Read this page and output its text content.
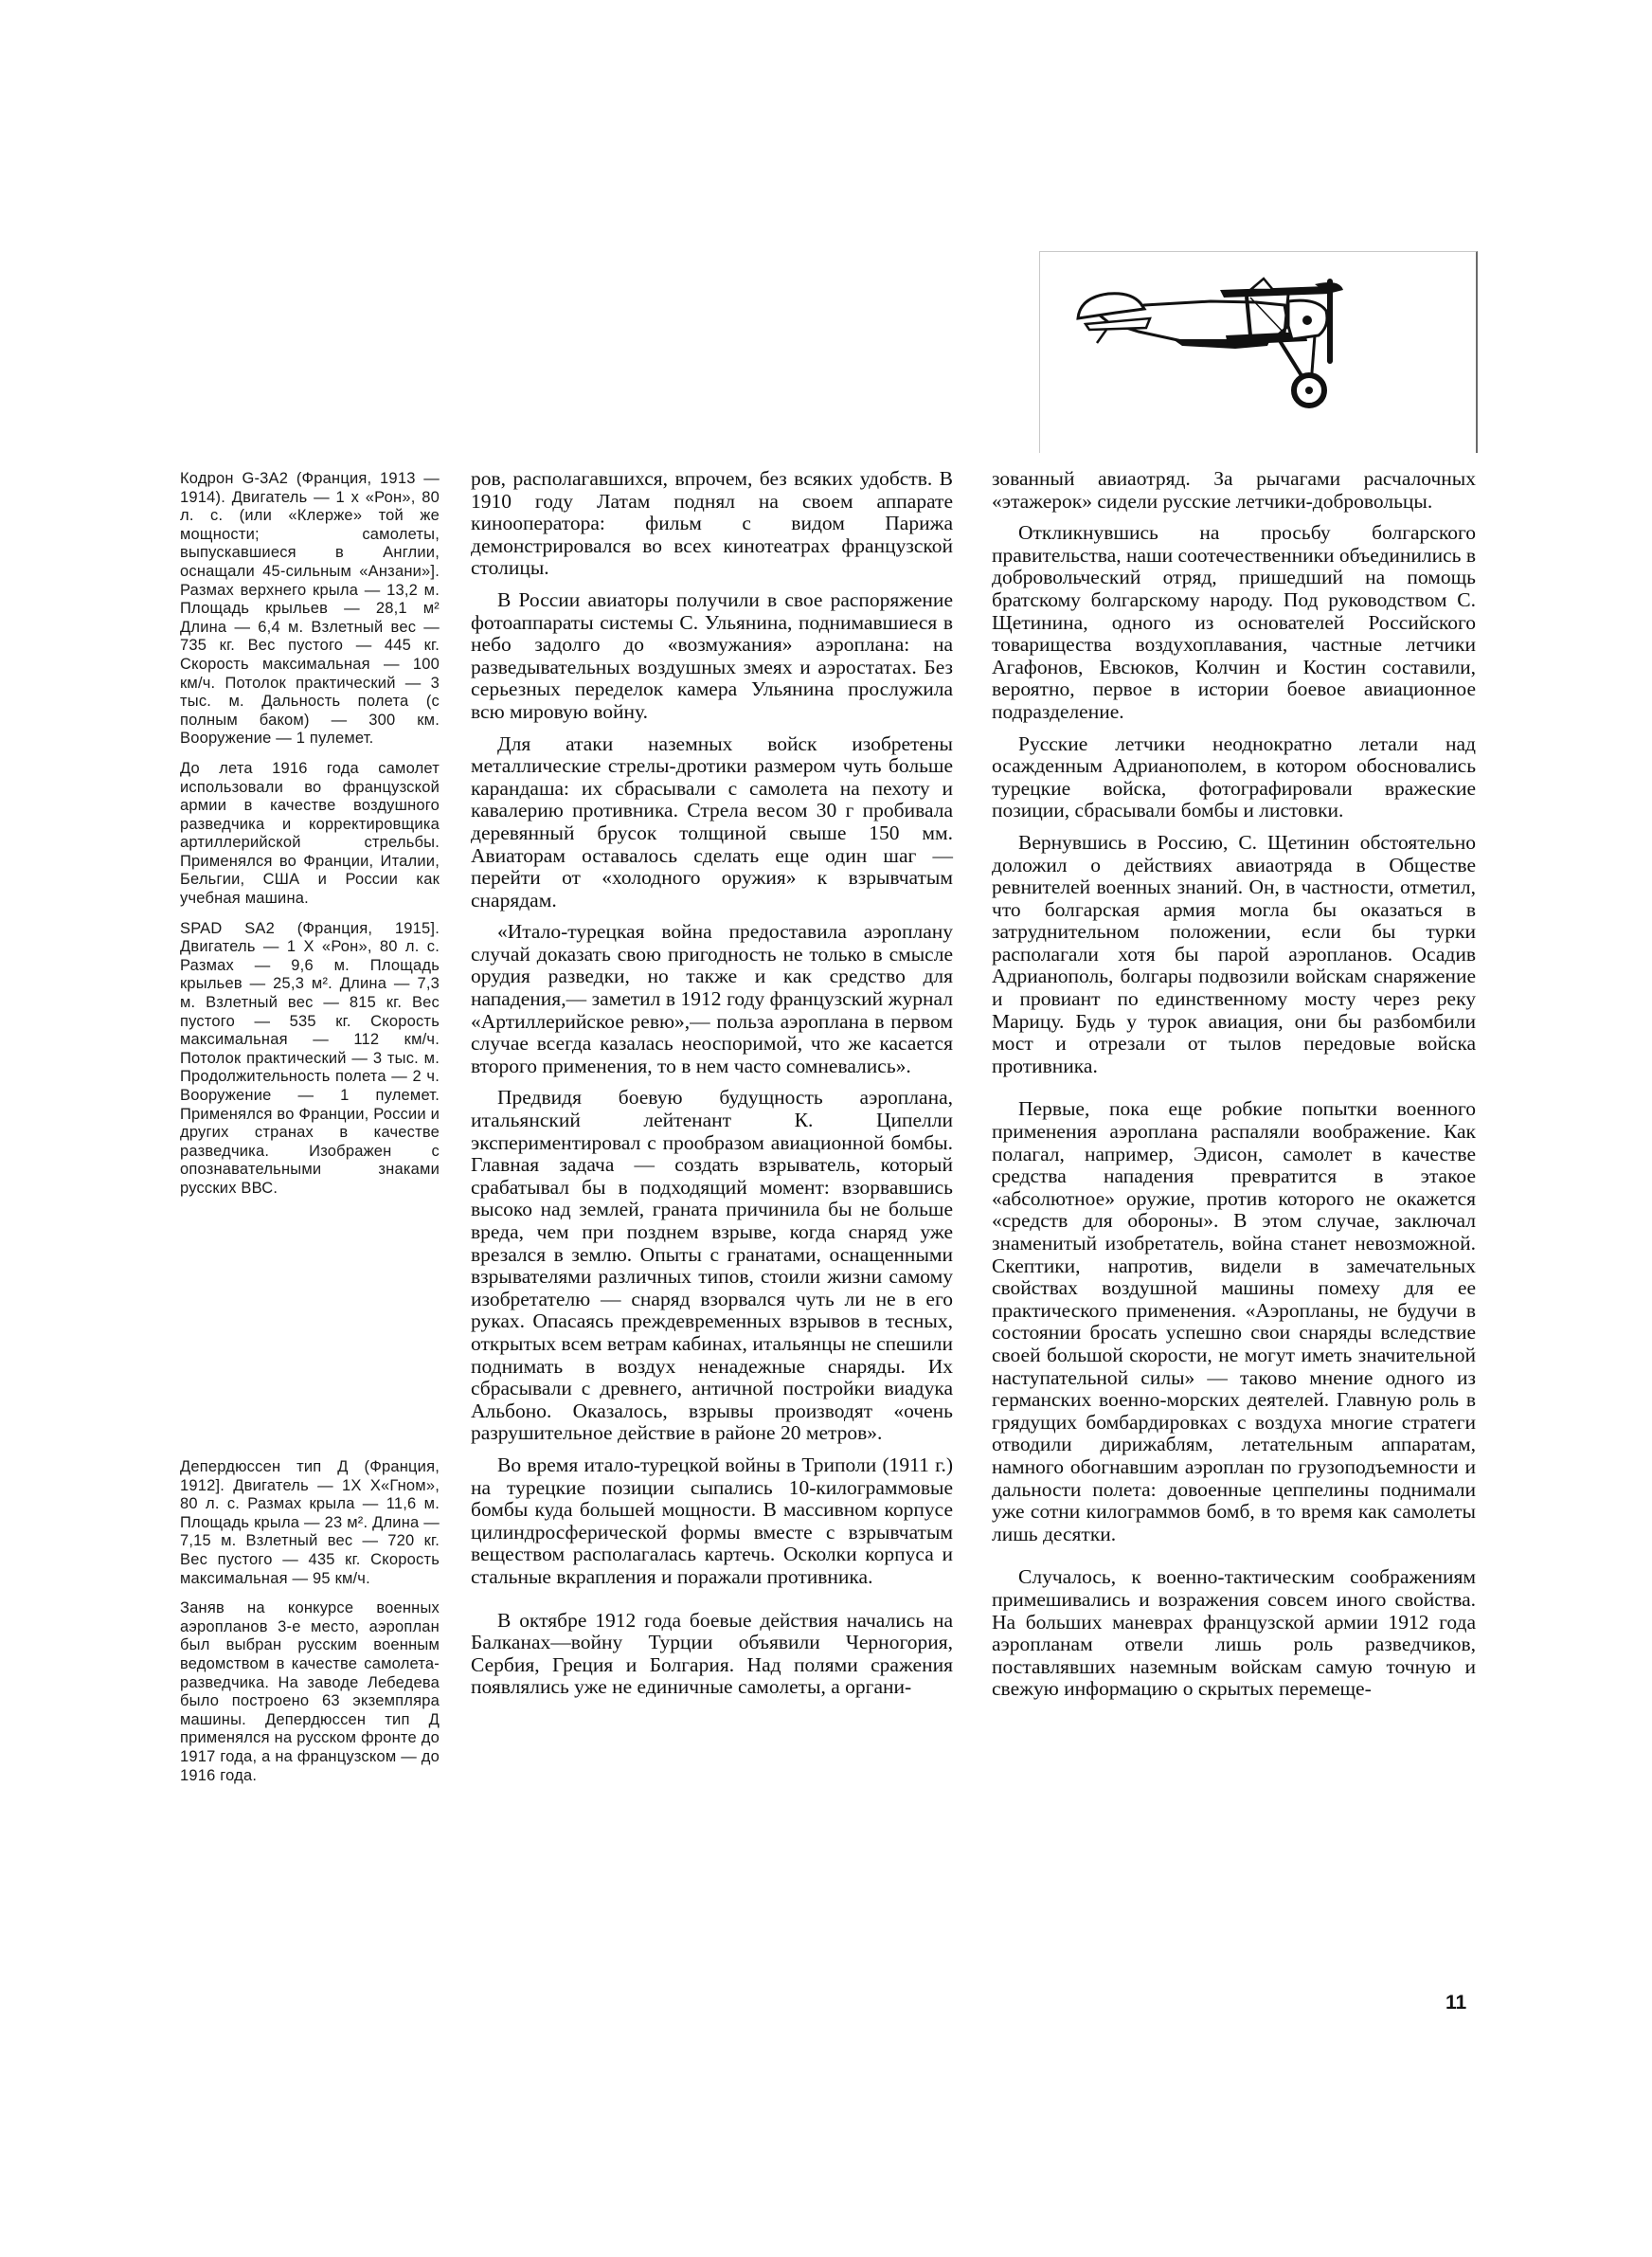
Кодрон G-3А2 (Франция, 1913 — 1914). Двигатель — 1 х «Рон», 80 л. с. (или «Клерже» той же мощности; самолеты, выпускавшиеся в Англии, оснащали 45-сильным «Анзани»]. Размах верхнего крыла — 13,2 м. Площадь крыльев — 28,1 м² Длина — 6,4 м. Взлетный вес — 735 кг. Вес пустого — 445 кг. Скорость максимальная — 100 км/ч. Потолок практический — 3 тыс. м. Дальность полета (с полным баком) — 300 км. Вооружение — 1 пулемет.

До лета 1916 года самолет использовали во французской армии в качестве воздушного разведчика и корректировщика артиллерийской стрельбы. Применялся во Франции, Италии, Бельгии, США и России как учебная машина.

SPAD SA2 (Франция, 1915]. Двигатель — 1 Х «Рон», 80 л. с. Размах — 9,6 м. Площадь крыльев — 25,3 м². Длина — 7,3 м. Взлетный вес — 815 кг. Вес пустого — 535 кг. Скорость максимальная — 112 км/ч. Потолок практический — 3 тыс. м. Продолжительность полета — 2 ч. Вооружение — 1 пулемет. Применялся во Франции, России и других странах в качестве разведчика. Изображен с опознавательными знаками русских ВВС.

Депердюссен тип Д (Франция, 1912]. Двигатель — 1Х Х«Гном», 80 л. с. Размах крыла — 11,6 м. Площадь крыла — 23 м². Длина — 7,15 м. Взлетный вес — 720 кг. Вес пустого — 435 кг. Скорость максимальная — 95 км/ч.

Заняв на конкурсе военных аэропланов 3-е место, аэроплан был выбран русским военным ведомством в качестве самолета-разведчика. На заводе Лебедева было построено 63 экземпляра машины. Депердюссен тип Д применялся на русском фронте до 1917 года, а на французском — до 1916 года.

ров, располагавшихся, впрочем, без всяких удобств. В 1910 году Латам поднял на своем аппарате кинооператора: фильм с видом Парижа демонстрировался во всех кинотеатрах французской столицы.

В России авиаторы получили в свое распоряжение фотоаппараты системы С. Ульянина, поднимавшиеся в небо задолго до «возмужания» аэроплана: на разведывательных воздушных змеях и аэростатах. Без серьезных переделок камера Ульянина прослужила всю мировую войну.

Для атаки наземных войск изобретены металлические стрелы-дротики размером чуть больше карандаша: их сбрасывали с самолета на пехоту и кавалерию противника. Стрела весом 30 г пробивала деревянный брусок толщиной свыше 150 мм. Авиаторам оставалось сделать еще один шаг — перейти от «холодного оружия» к взрывчатым снарядам.

«Итало-турецкая война предоставила аэроплану случай доказать свою пригодность не только в смысле орудия разведки, но также и как средство для нападения,— заметил в 1912 году французский журнал «Артиллерийское ревю»,— польза аэроплана в первом случае всегда казалась неоспоримой, что же касается второго применения, то в нем часто сомневались».

Предвидя боевую будущность аэроплана, итальянский лейтенант К. Ципелли экспериментировал с прообразом авиационной бомбы. Главная задача — создать взрыватель, который срабатывал бы в подходящий момент: взорвавшись высоко над землей, граната причинила бы не больше вреда, чем при позднем взрыве, когда снаряд уже врезался в землю. Опыты с гранатами, оснащенными взрывателями различных типов, стоили жизни самому изобретателю — снаряд взорвался чуть ли не в его руках. Опасаясь преждевременных взрывов в тесных, открытых всем ветрам кабинах, итальянцы не спешили поднимать в воздух ненадежные снаряды. Их сбрасывали с древнего, античной постройки виадука Альбоно. Оказалось, взрывы производят «очень разрушительное действие в районе 20 метров».

Во время итало-турецкой войны в Триполи (1911 г.) на турецкие позиции сыпались 10-килограммовые бомбы куда большей мощности. В массивном корпусе цилиндросферической формы вместе с взрывчатым веществом располагалась картечь. Осколки корпуса и стальные вкрапления и поражали противника.

В октябре 1912 года боевые действия начались на Балканах—войну Турции объявили Черногория, Сербия, Греция и Болгария. Над полями сражения появлялись уже не единичные самолеты, а органи-

зованный авиаотряд. За рычагами расчалочных «этажерок» сидели русские летчики-добровольцы.

Откликнувшись на просьбу болгарского правительства, наши соотечественники объединились в добровольческий отряд, пришедший на помощь братскому болгарскому народу. Под руководством С. Щетинина, одного из основателей Российского товарищества воздухоплавания, частные летчики Агафонов, Евсюков, Колчин и Костин составили, вероятно, первое в истории боевое авиационное подразделение.

Русские летчики неоднократно летали над осажденным Адрианополем, в котором обосновались турецкие войска, фотографировали вражеские позиции, сбрасывали бомбы и листовки.

Вернувшись в Россию, С. Щетинин обстоятельно доложил о действиях авиаотряда в Обществе ревнителей военных знаний. Он, в частности, отметил, что болгарская армия могла бы оказаться в затруднительном положении, если бы турки располагали хотя бы парой аэропланов. Осадив Адрианополь, болгары подвозили войскам снаряжение и провиант по единственному мосту через реку Марицу. Будь у турок авиация, они бы разбомбили мост и отрезали от тылов передовые войска противника.

Первые, пока еще робкие попытки военного применения аэроплана распаляли воображение. Как полагал, например, Эдисон, самолет в качестве средства нападения превратится в этакое «абсолютное» оружие, против которого не окажется «средств для обороны». В этом случае, заключал знаменитый изобретатель, война станет невозможной. Скептики, напротив, видели в замечательных свойствах воздушной машины помеху для ее практического применения. «Аэропланы, не будучи в состоянии бросать успешно свои снаряды вследствие своей большой скорости, не могут иметь значительной наступательной силы» — таково мнение одного из германских военно-морских деятелей. Главную роль в грядущих бомбардировках с воздуха многие стратеги отводили дирижаблям, летательным аппаратам, намного обогнавшим аэроплан по грузоподъемности и дальности полета: довоенные цеппелины поднимали уже сотни килограммов бомб, в то время как самолеты лишь десятки.

Случалось, к военно-тактическим соображениям примешивались и возражения совсем иного свойства. На больших маневрах французской армии 1912 года аэропланам отвели лишь роль разведчиков, поставлявших наземным войскам самую точную и свежую информацию о скрытых перемеще-

11
